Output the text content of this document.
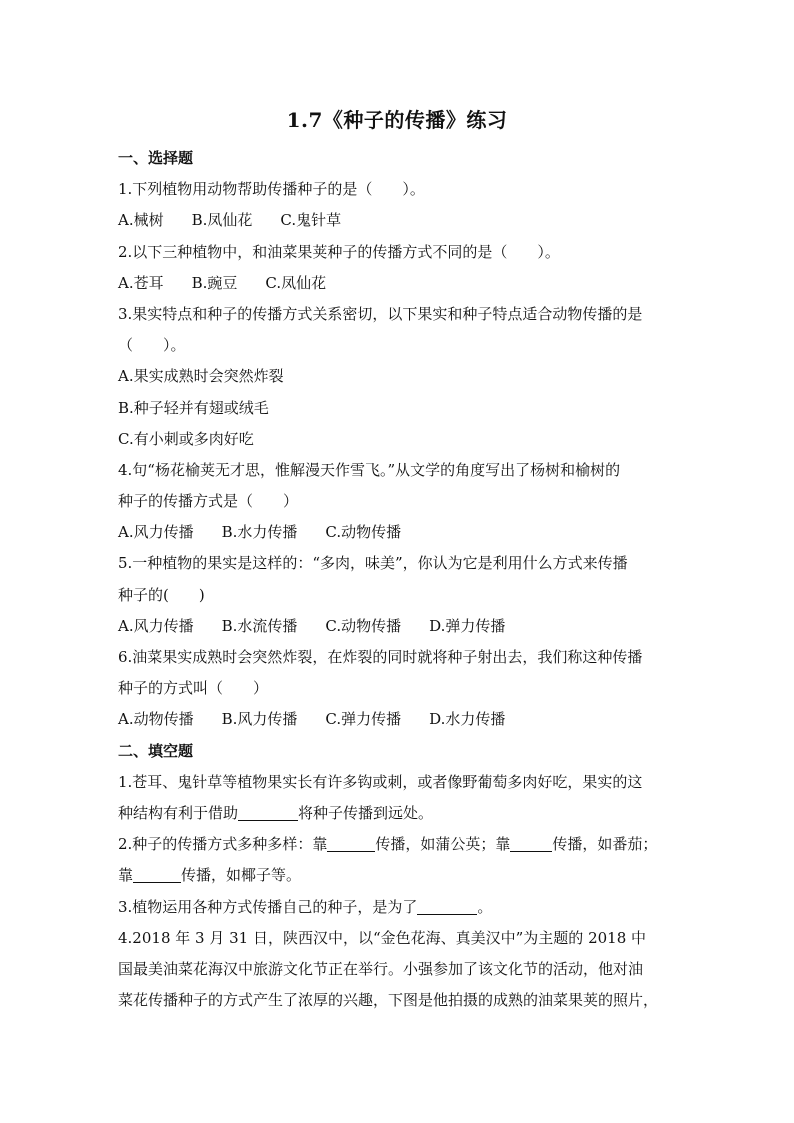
1.7《种子的传播》练习
一、选择题
1.下列植物用动物帮助传播种子的是（　　）。
A.械树 B.凤仙花 C.鬼针草
2.以下三种植物中，和油菜果荚种子的传播方式不同的是（　　）。
A.苍耳 B.豌豆 C.凤仙花
3.果实特点和种子的传播方式关系密切，以下果实和种子特点适合动物传播的是
（　　）。
A.果实成熟时会突然炸裂
B.种子轻并有翅或绒毛
C.有小刺或多肉好吃
4.句“杨花榆荚无才思，惟解漫天作雪飞。”从文学的角度写出了杨树和榆树的
种子的传播方式是（　　）
A.风力传播 B.水力传播 C.动物传播
5.一种植物的果实是这样的：“多肉，味美”，你认为它是利用什么方式来传播
种子的(　　)
A.风力传播 B.水流传播 C.动物传播 D.弹力传播
6.油菜果实成熟时会突然炸裂，在炸裂的同时就将种子射出去，我们称这种传播
种子的方式叫（　　）
A.动物传播 B.风力传播 C.弹力传播 D.水力传播
二、填空题
1.苍耳、鬼针草等植物果实长有许多钩或刺，或者像野葡萄多肉好吃，果实的这
种结构有利于借助	将种子传播到远处。
2.种子的传播方式多种多样：靠	传播，如蒲公英；靠	传播，如番茄；
靠	传播，如椰子等。
3.植物运用各种方式传播自己的种子，是为了	。
4.2018 年 3 月 31 日，陕西汉中，以“金色花海、真美汉中”为主题的 2018 中
国最美油菜花海汉中旅游文化节正在举行。小强参加了该文化节的活动，他对油
菜花传播种子的方式产生了浓厚的兴趣，下图是他拍摄的成熟的油菜果荚的照片，
